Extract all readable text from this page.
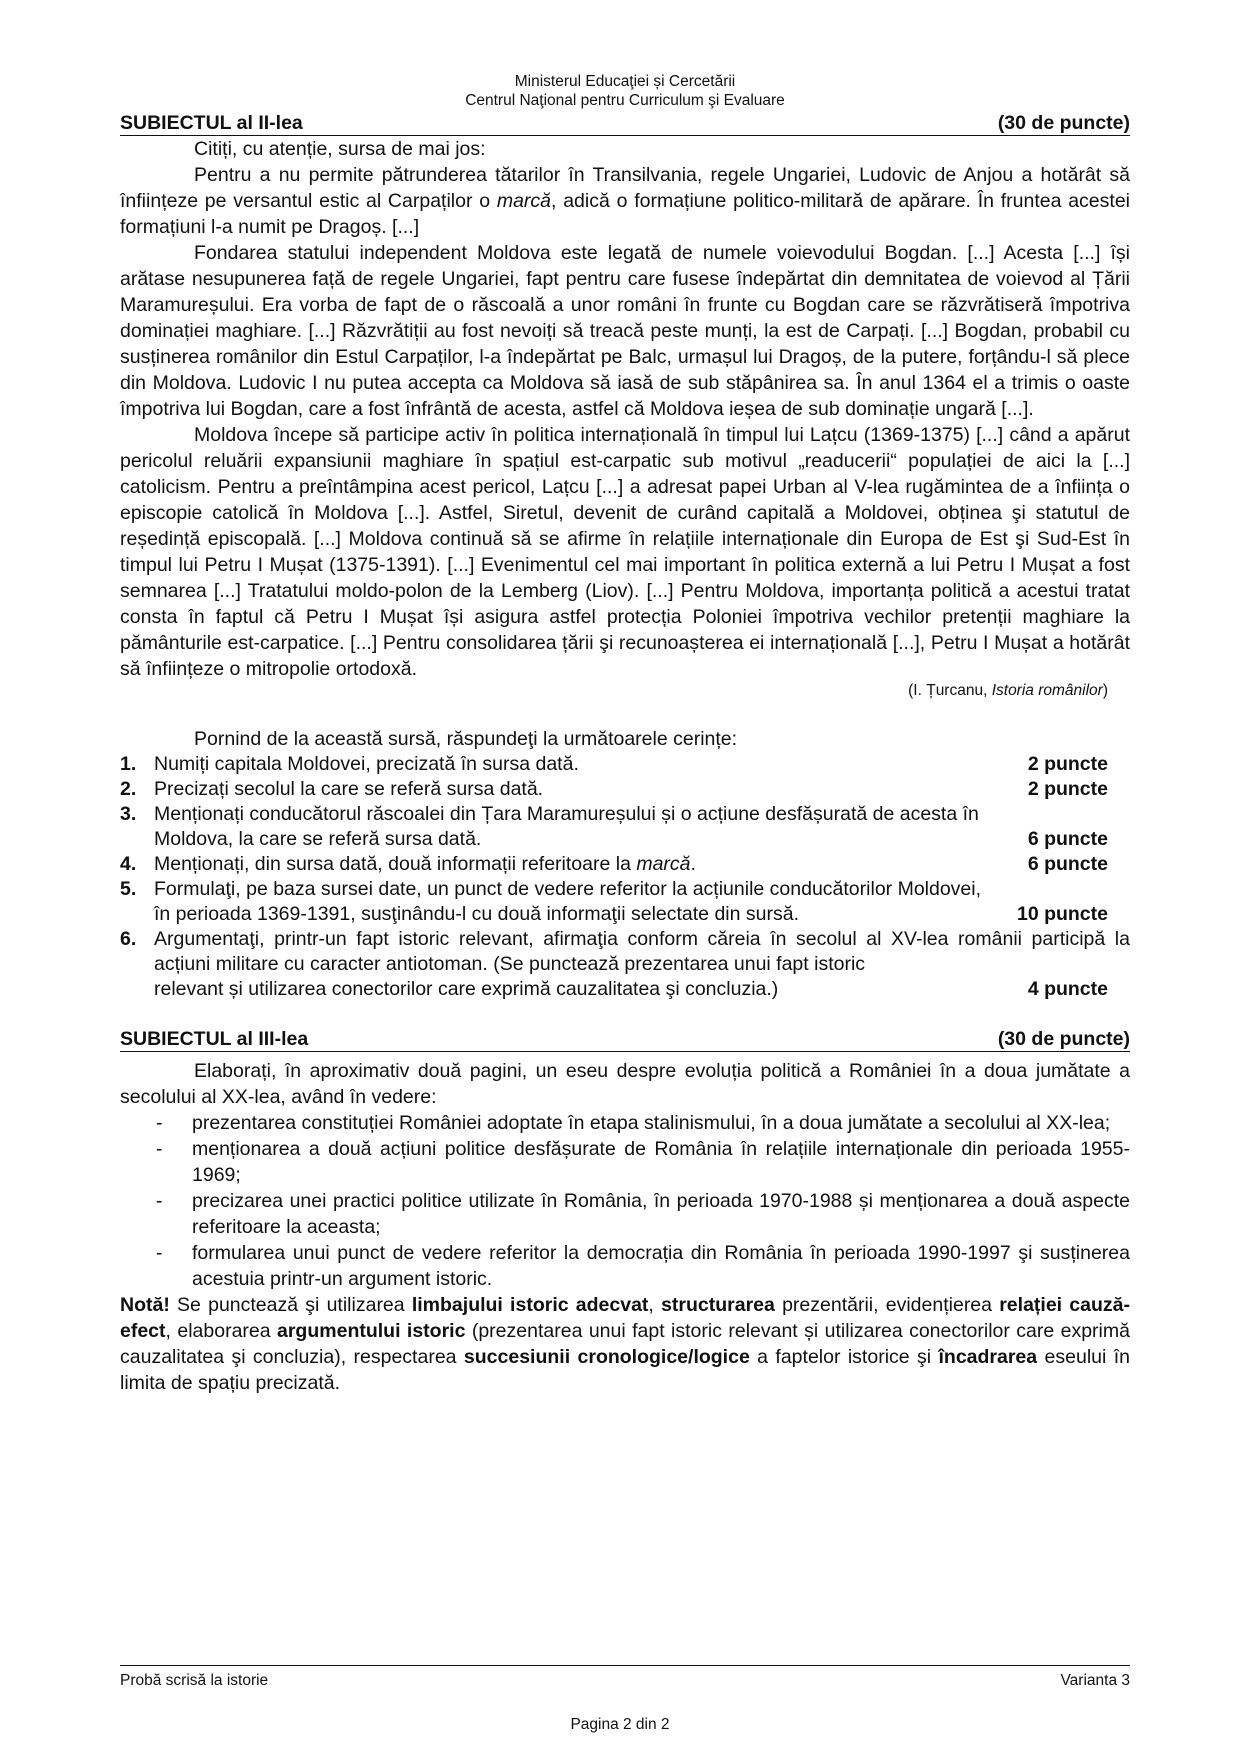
Ministerul Educaţiei și Cercetării
Centrul Naţional pentru Curriculum şi Evaluare
SUBIECTUL al II-lea	(30 de puncte)
Citiți, cu atenție, sursa de mai jos:
Pentru a nu permite pătrunderea tătarilor în Transilvania, regele Ungariei, Ludovic de Anjou a hotărât să înființeze pe versantul estic al Carpaților o marcă, adică o formațiune politico-militară de apărare. În fruntea acestei formațiuni l-a numit pe Dragoș. [...]
Fondarea statului independent Moldova este legată de numele voievodului Bogdan. [...] Acesta [...] își arătase nesupunerea față de regele Ungariei, fapt pentru care fusese îndepărtat din demnitatea de voievod al Țării Maramureșului. Era vorba de fapt de o răscoală a unor români în frunte cu Bogdan care se răzvrătiseră împotriva dominației maghiare. [...] Răzvrătiții au fost nevoiți să treacă peste munți, la est de Carpați. [...] Bogdan, probabil cu susținerea românilor din Estul Carpaților, l-a îndepărtat pe Balc, urmașul lui Dragoș, de la putere, forțându-l să plece din Moldova. Ludovic I nu putea accepta ca Moldova să iasă de sub stăpânirea sa. În anul 1364 el a trimis o oaste împotriva lui Bogdan, care a fost înfrântă de acesta, astfel că Moldova ieșea de sub dominație ungară [...].
Moldova începe să participe activ în politica internațională în timpul lui Lațcu (1369-1375) [...] când a apărut pericolul reluării expansiunii maghiare în spațiul est-carpatic sub motivul „readucerii“ populației de aici la [...] catolicism. Pentru a preîntâmpina acest pericol, Lațcu [...] a adresat papei Urban al V-lea rugămintea de a înființa o episcopie catolică în Moldova [...]. Astfel, Siretul, devenit de curând capitală a Moldovei, obținea şi statutul de reședință episcopală. [...] Moldova continuă să se afirme în relațiile internaționale din Europa de Est şi Sud-Est în timpul lui Petru I Mușat (1375-1391). [...] Evenimentul cel mai important în politica externă a lui Petru I Mușat a fost semnarea [...] Tratatului moldo-polon de la Lemberg (Liov). [...] Pentru Moldova, importanța politică a acestui tratat consta în faptul că Petru I Mușat își asigura astfel protecția Poloniei împotriva vechilor pretenții maghiare la pământurile est-carpatice. [...] Pentru consolidarea țării şi recunoașterea ei internațională [...], Petru I Mușat a hotărât să înființeze o mitropolie ortodoxă.
(I. Țurcanu, Istoria românilor)
Pornind de la această sursă, răspundeţi la următoarele cerințe:
1. Numiți capitala Moldovei, precizată în sursa dată.	2 puncte
2. Precizați secolul la care se referă sursa dată.	2 puncte
3. Menționați conducătorul răscoalei din Țara Maramureșului și o acțiune desfășurată de acesta în
Moldova, la care se referă sursa dată.	6 puncte
4. Menționați, din sursa dată, două informații referitoare la marcă.	6 puncte
5. Formulaţi, pe baza sursei date, un punct de vedere referitor la acțiunile conducătorilor Moldovei,
în perioada 1369-1391, susţinându-l cu două informaţii selectate din sursă.	10 puncte
6. Argumentaţi, printr-un fapt istoric relevant, afirmaţia conform căreia în secolul al XV-lea românii participă la acțiuni militare cu caracter antiotoman. (Se punctează prezentarea unui fapt istoric
relevant și utilizarea conectorilor care exprimă cauzalitatea şi concluzia.)	4 puncte
SUBIECTUL al III-lea	(30 de puncte)
Elaborați, în aproximativ două pagini, un eseu despre evoluția politică a României în a doua jumătate a secolului al XX-lea, având în vedere:
-	prezentarea constituției României adoptate în etapa stalinismului, în a doua jumătate a secolului al XX-lea;
-	menționarea a două acțiuni politice desfășurate de România în relațiile internaționale din perioada 1955-1969;
-	precizarea unei practici politice utilizate în România, în perioada 1970-1988 și menționarea a două aspecte referitoare la aceasta;
-	formularea unui punct de vedere referitor la democrația din România în perioada 1990-1997 şi susținerea acestuia printr-un argument istoric.
Notă! Se punctează şi utilizarea limbajului istoric adecvat, structurarea prezentării, evidențierea relației cauză-efect, elaborarea argumentului istoric (prezentarea unui fapt istoric relevant și utilizarea conectorilor care exprimă cauzalitatea şi concluzia), respectarea succesiunii cronologice/logice a faptelor istorice şi încadrarea eseului în limita de spațiu precizată.
Probă scrisă la istorie	Varianta 3
Pagina 2 din 2
